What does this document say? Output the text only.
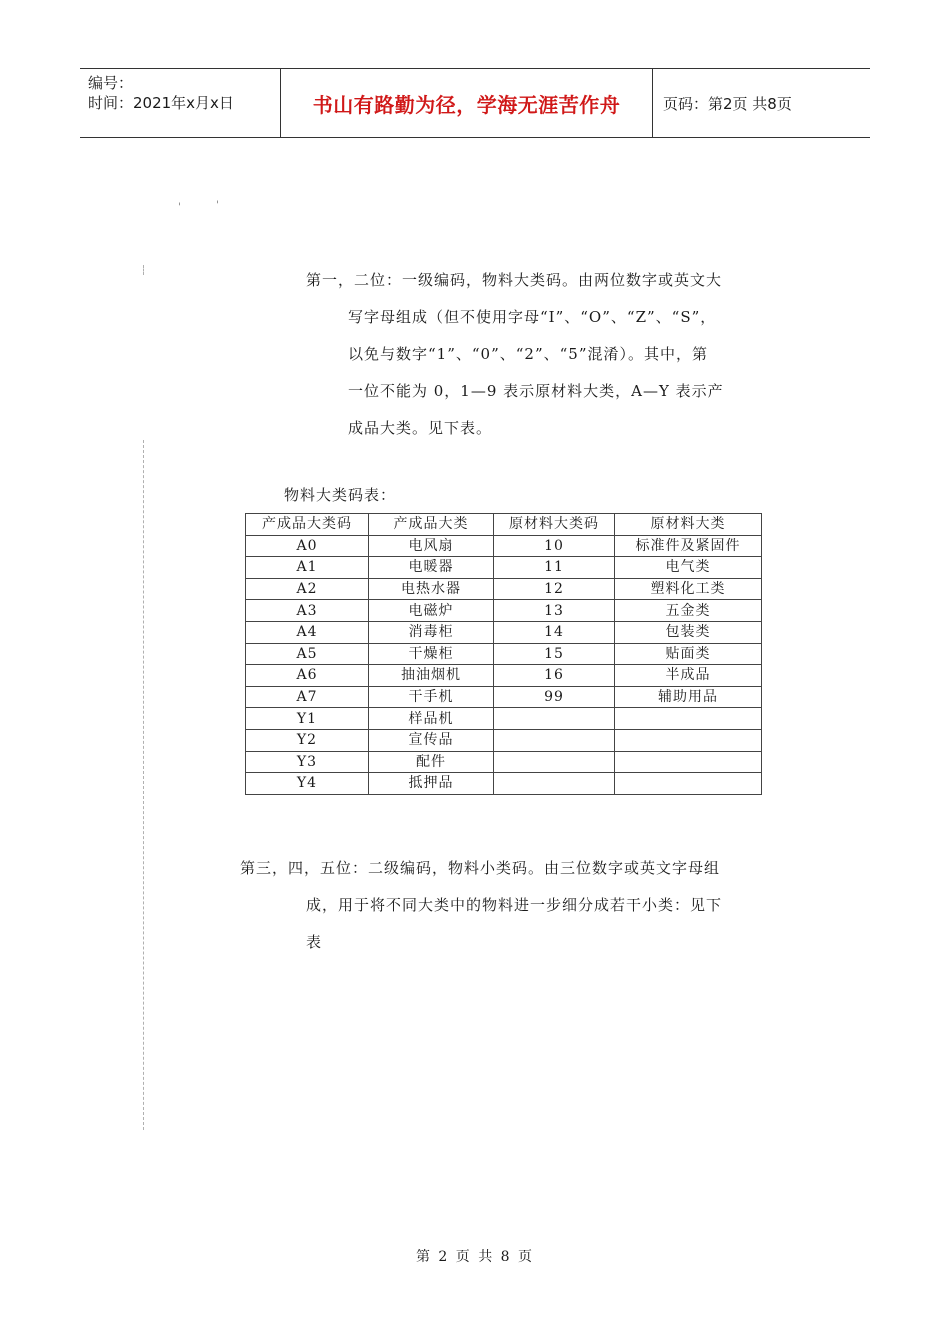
编号：
时间：2021年x月x日	书山有路勤为径，学海无涯苦作舟	页码：第2页 共8页
'	'
第一，二位：一级编码，物料大类码。由两位数字或英文大
写字母组成（但不使用字母“I”、“O”、“Z”、“S”，
以免与数字“1”、“0”、“2”、“5”混淆）。其中，第
一位不能为 0，1—9 表示原材料大类，A—Y 表示产
成品大类。见下表。
物料大类码表：
产成品大类码	产成品大类	原材料大类码	原材料大类
A0	电风扇	10	标准件及紧固件
A1	电暖器	11	电气类
A2	电热水器	12	塑料化工类
A3	电磁炉	13	五金类
A4	消毒柜	14	包装类
A5	干燥柜	15	贴面类
A6	抽油烟机	16	半成品
A7	干手机	99	辅助用品
Y1	样品机		
Y2	宣传品		
Y3	配件		
Y4	抵押品		
第三，四，五位：二级编码，物料小类码。由三位数字或英文字母组
成，用于将不同大类中的物料进一步细分成若干小类：见下
表
第 2 页 共 8 页
